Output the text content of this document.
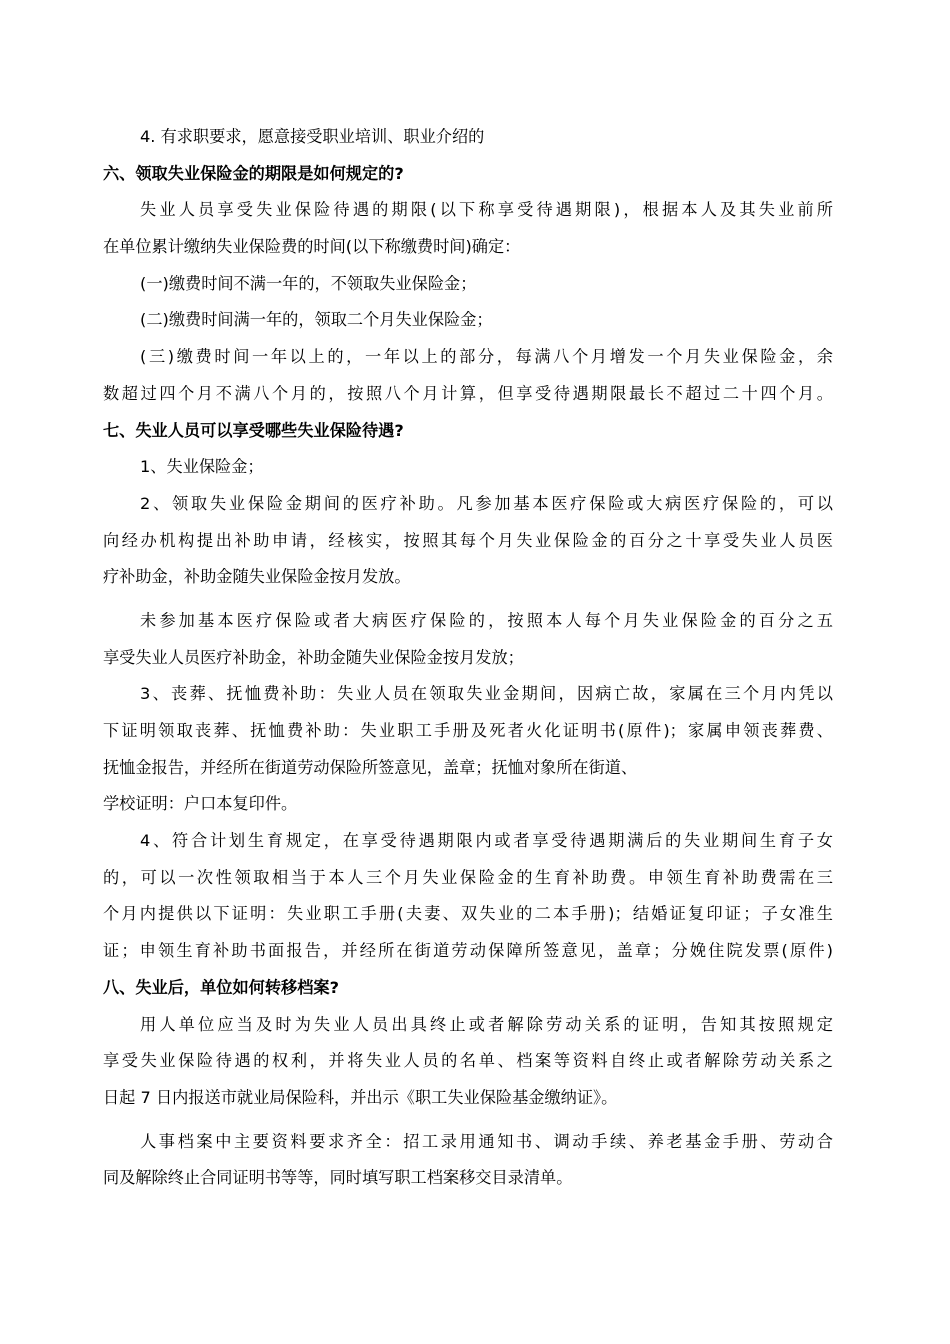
4. 有求职要求，愿意接受职业培训、职业介绍的
六、领取失业保险金的期限是如何规定的?
失业人员享受失业保险待遇的期限(以下称享受待遇期限)，根据本人及其失业前所
在单位累计缴纳失业保险费的时间(以下称缴费时间)确定：
(一)缴费时间不满一年的，不领取失业保险金；
(二)缴费时间满一年的，领取二个月失业保险金；
(三)缴费时间一年以上的，一年以上的部分，每满八个月增发一个月失业保险金，余
数超过四个月不满八个月的，按照八个月计算，但享受待遇期限最长不超过二十四个月。
七、失业人员可以享受哪些失业保险待遇?
1、失业保险金；
2、领取失业保险金期间的医疗补助。凡参加基本医疗保险或大病医疗保险的，可以
向经办机构提出补助申请，经核实，按照其每个月失业保险金的百分之十享受失业人员医
疗补助金，补助金随失业保险金按月发放。
未参加基本医疗保险或者大病医疗保险的，按照本人每个月失业保险金的百分之五
享受失业人员医疗补助金，补助金随失业保险金按月发放；
3、丧葬、抚恤费补助：失业人员在领取失业金期间，因病亡故，家属在三个月内凭以
下证明领取丧葬、抚恤费补助：失业职工手册及死者火化证明书(原件)；家属申领丧葬费、
抚恤金报告，并经所在街道劳动保险所签意见，盖章；抚恤对象所在街道、
学校证明：户口本复印件。
4、符合计划生育规定，在享受待遇期限内或者享受待遇期满后的失业期间生育子女
的，可以一次性领取相当于本人三个月失业保险金的生育补助费。申领生育补助费需在三
个月内提供以下证明：失业职工手册(夫妻、双失业的二本手册)；结婚证复印证；子女准生
证；申领生育补助书面报告，并经所在街道劳动保障所签意见，盖章；分娩住院发票(原件)
八、失业后，单位如何转移档案?
用人单位应当及时为失业人员出具终止或者解除劳动关系的证明，告知其按照规定
享受失业保险待遇的权利，并将失业人员的名单、档案等资料自终止或者解除劳动关系之
日起 7 日内报送市就业局保险科，并出示《职工失业保险基金缴纳证》。
人事档案中主要资料要求齐全：招工录用通知书、调动手续、养老基金手册、劳动合
同及解除终止合同证明书等等，同时填写职工档案移交目录清单。
